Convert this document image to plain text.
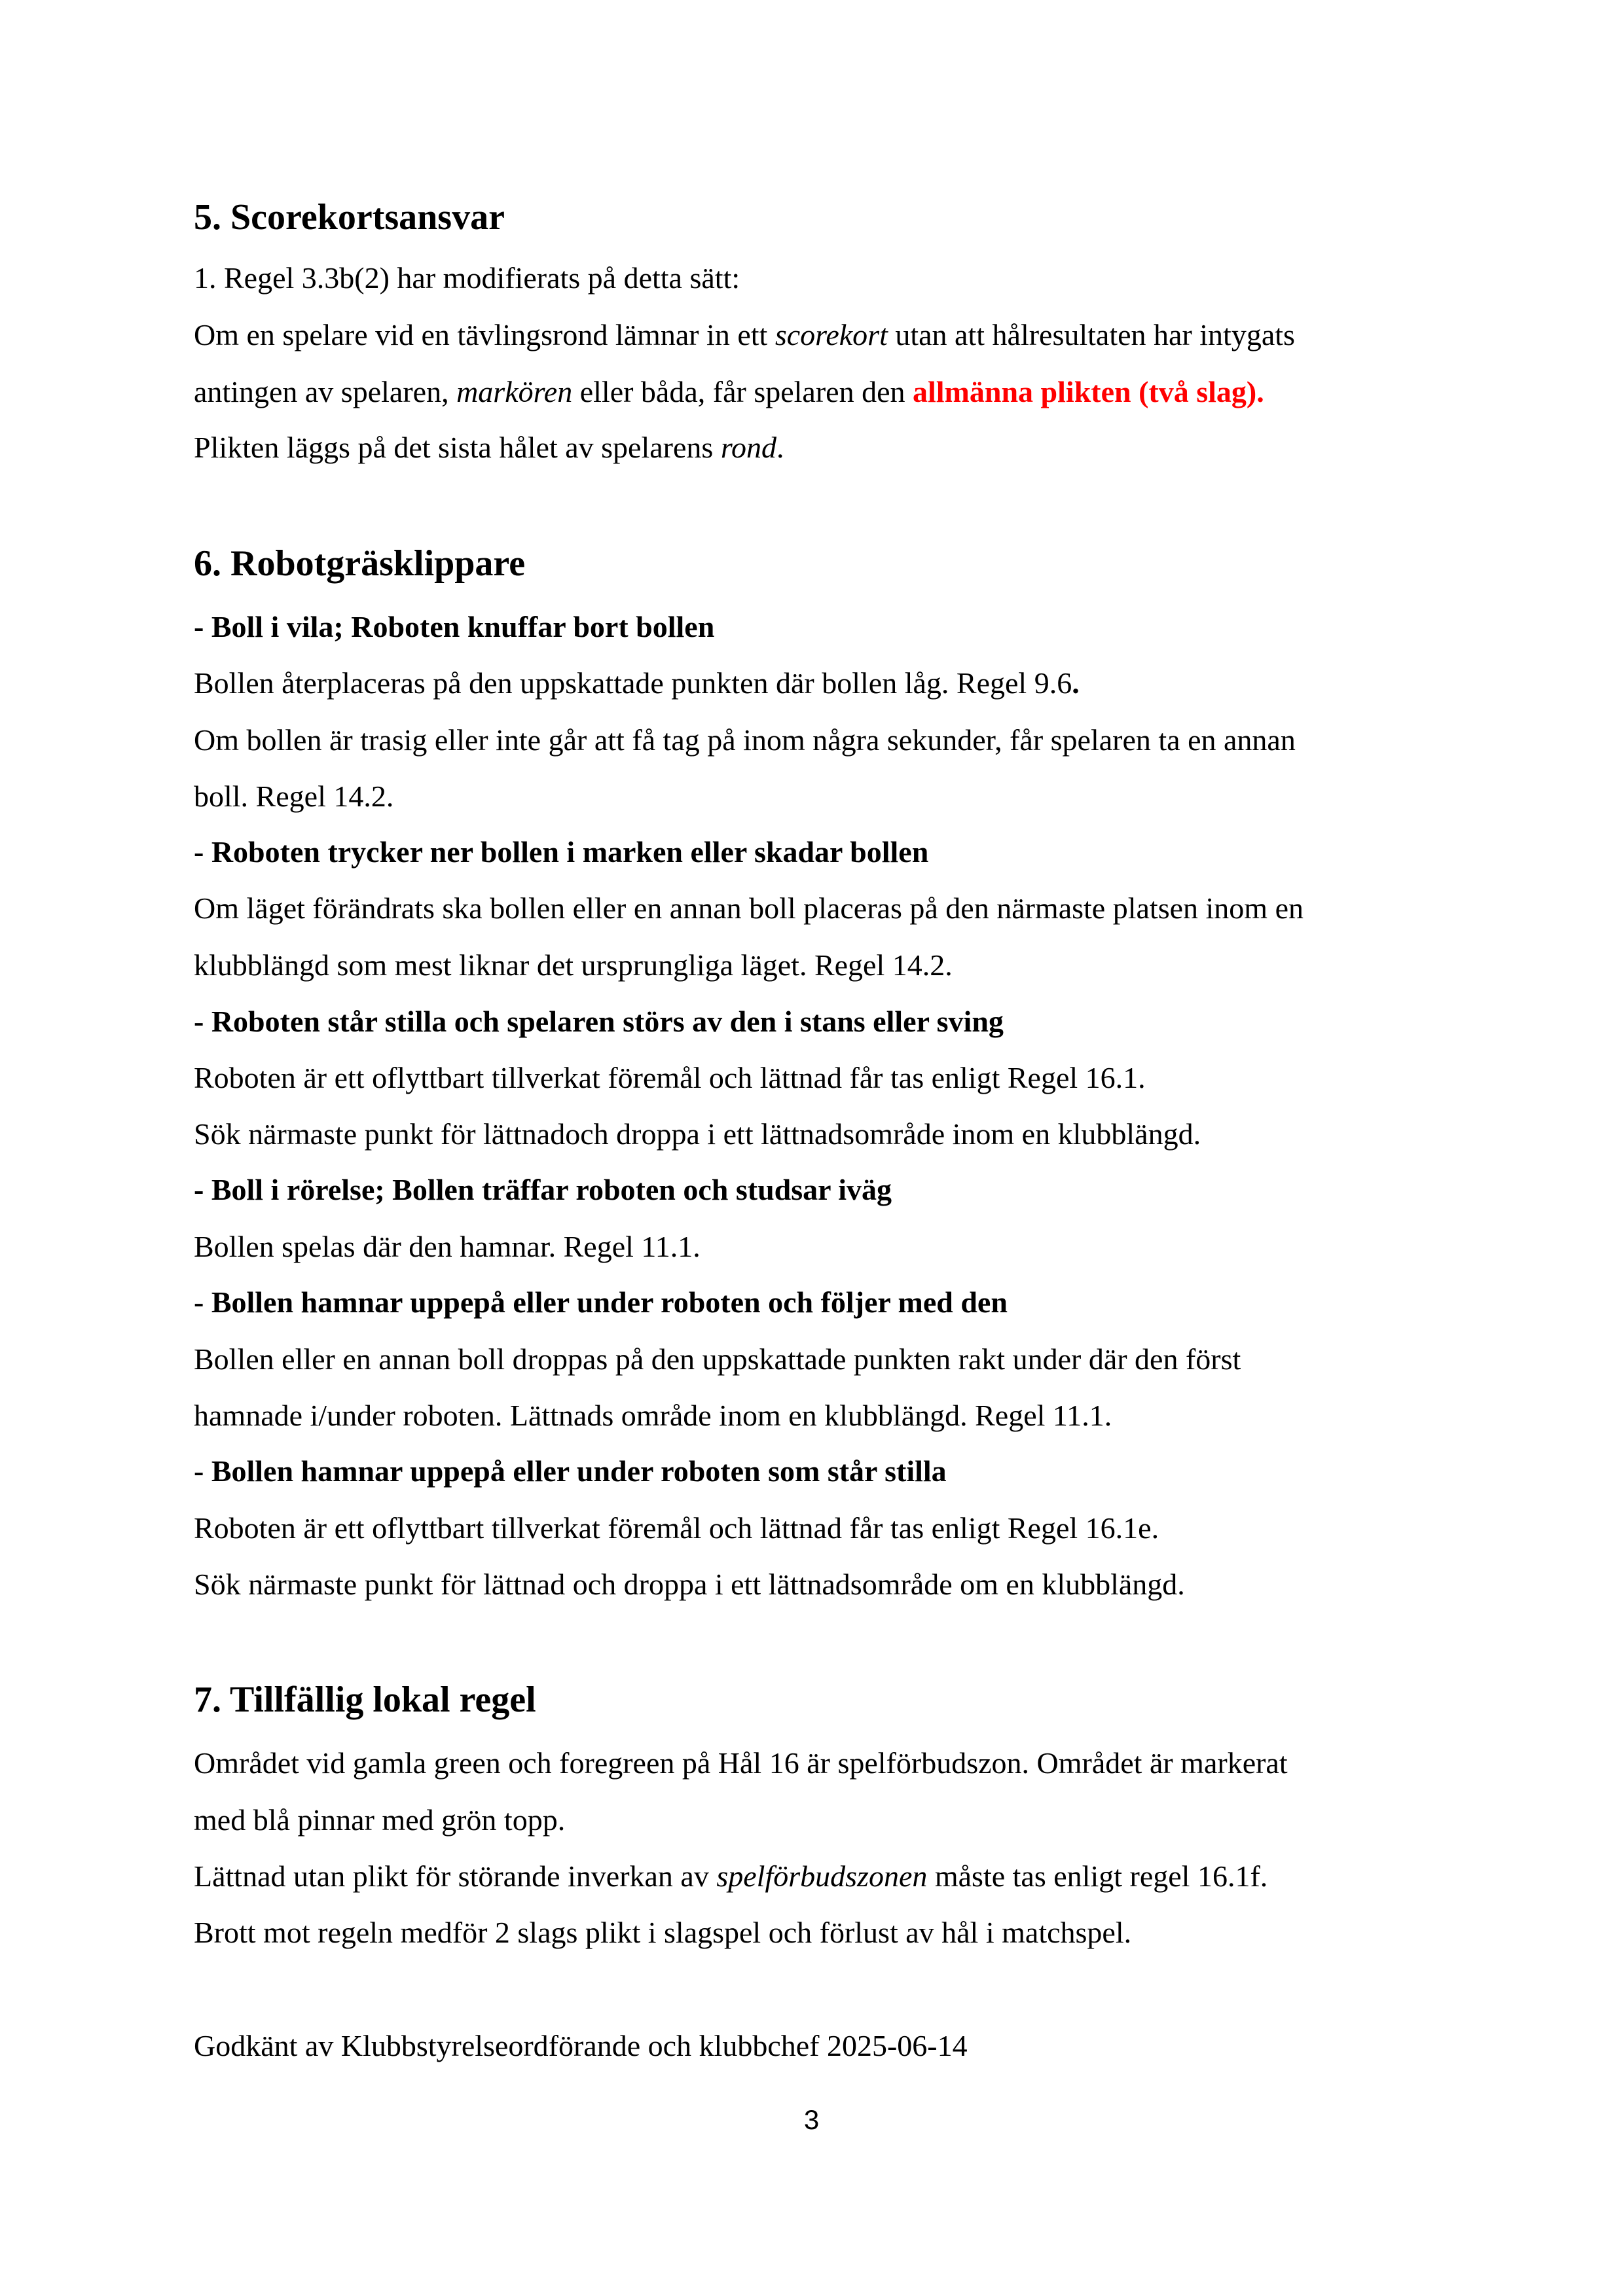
5. Scorekortsansvar
1. Regel 3.3b(2) har modifierats på detta sätt:
Om en spelare vid en tävlingsrond lämnar in ett scorekort utan att hålresultaten har intygats
antingen av spelaren, markören eller båda, får spelaren den allmänna plikten (två slag).
Plikten läggs på det sista hålet av spelarens rond.
6. Robotgräsklippare
- Boll i vila; Roboten knuffar bort bollen
Bollen återplaceras på den uppskattade punkten där bollen låg. Regel 9.6.
Om bollen är trasig eller inte går att få tag på inom några sekunder, får spelaren ta en annan
boll. Regel 14.2.
- Roboten trycker ner bollen i marken eller skadar bollen
Om läget förändrats ska bollen eller en annan boll placeras på den närmaste platsen inom en
klubblängd som mest liknar det ursprungliga läget. Regel 14.2.
- Roboten står stilla och spelaren störs av den i stans eller sving
Roboten är ett oflyttbart tillverkat föremål och lättnad får tas enligt Regel 16.1.
Sök närmaste punkt för lättnadoch droppa i ett lättnadsområde inom en klubblängd.
- Boll i rörelse; Bollen träffar roboten och studsar iväg
Bollen spelas där den hamnar. Regel 11.1.
- Bollen hamnar uppepå eller under roboten och följer med den
Bollen eller en annan boll droppas på den uppskattade punkten rakt under där den först
hamnade i/under roboten. Lättnads område inom en klubblängd. Regel 11.1.
- Bollen hamnar uppepå eller under roboten som står stilla
Roboten är ett oflyttbart tillverkat föremål och lättnad får tas enligt Regel 16.1e.
Sök närmaste punkt för lättnad och droppa i ett lättnadsområde om en klubblängd.
7. Tillfällig lokal regel
Området vid gamla green och foregreen på Hål 16 är spelförbudszon. Området är markerat
med blå pinnar med grön topp.
Lättnad utan plikt för störande inverkan av spelförbudszonen måste tas enligt regel 16.1f.
Brott mot regeln medför 2 slags plikt i slagspel och förlust av hål i matchspel.
Godkänt av Klubbstyrelseordförande och klubbchef 2025-06-14
3
